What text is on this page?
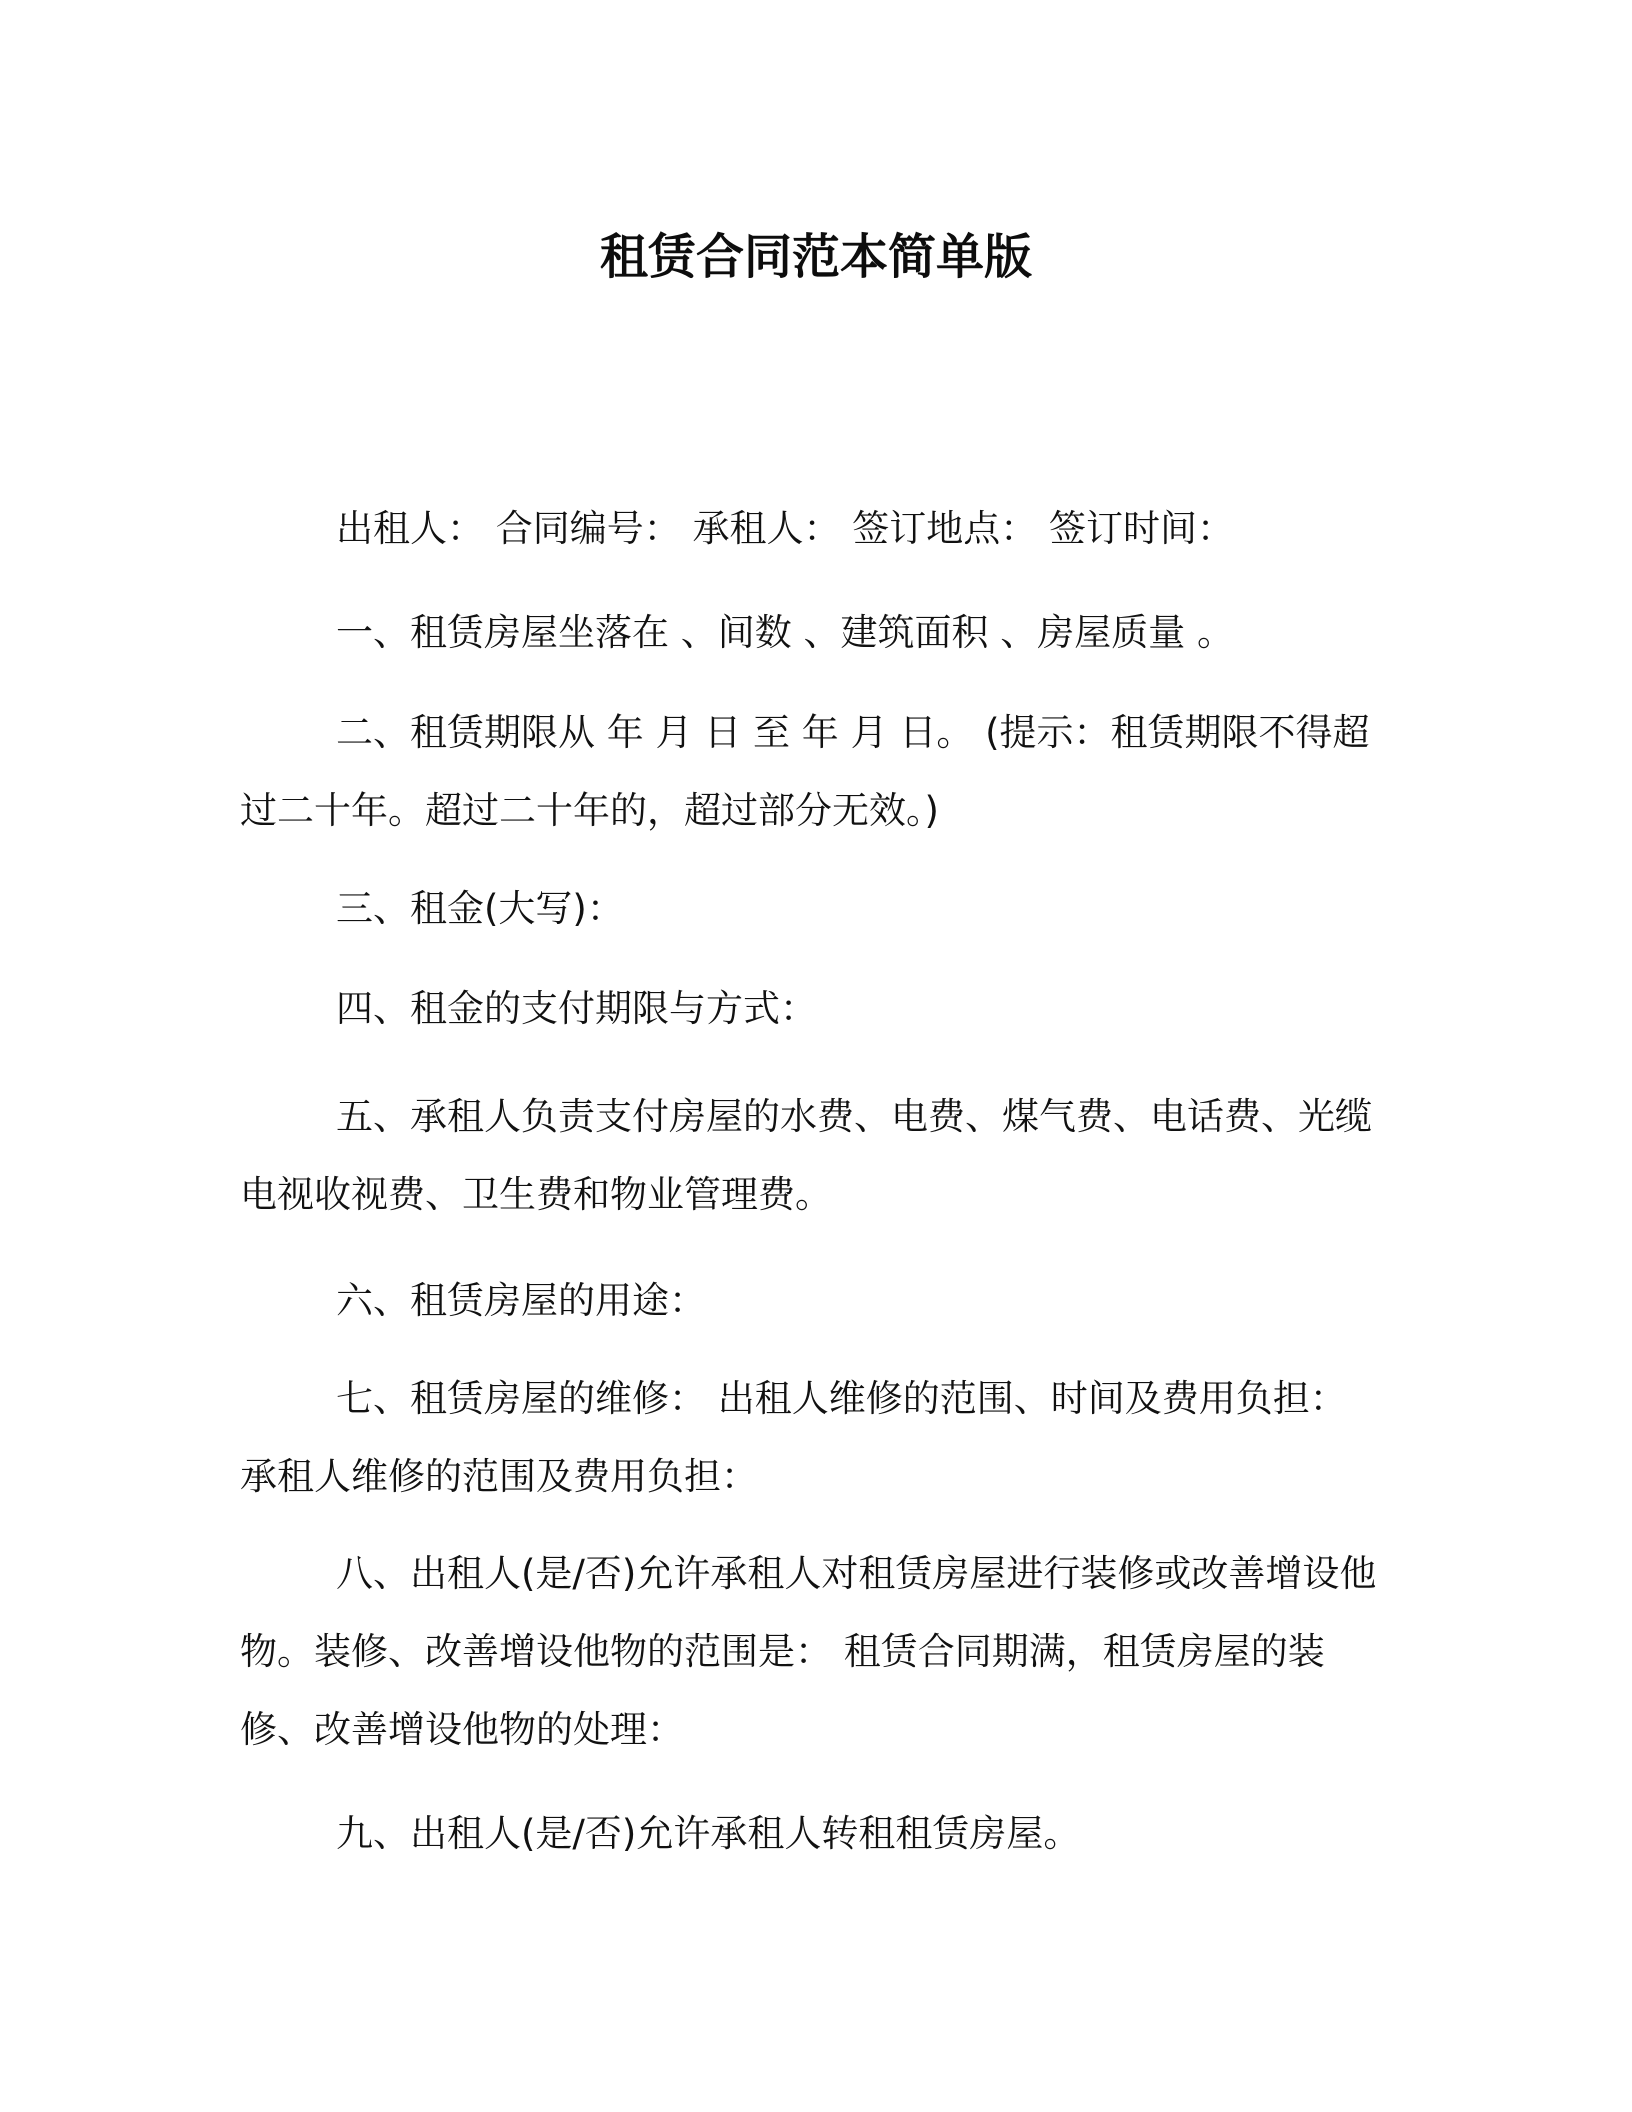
租赁合同范本简单版
出租人： 合同编号： 承租人： 签订地点： 签订时间：
一、租赁房屋坐落在 、间数 、建筑面积 、房屋质量 。
二、租赁期限从 年 月 日 至 年 月 日。 (提示：租赁期限不得超过二十年。超过二十年的，超过部分无效。)
三、租金(大写)：
四、租金的支付期限与方式：
五、承租人负责支付房屋的水费、电费、煤气费、电话费、光缆电视收视费、卫生费和物业管理费。
六、租赁房屋的用途：
七、租赁房屋的维修： 出租人维修的范围、时间及费用负担： 承租人维修的范围及费用负担：
八、出租人(是/否)允许承租人对租赁房屋进行装修或改善增设他物。装修、改善增设他物的范围是： 租赁合同期满，租赁房屋的装修、改善增设他物的处理：
九、出租人(是/否)允许承租人转租租赁房屋。
